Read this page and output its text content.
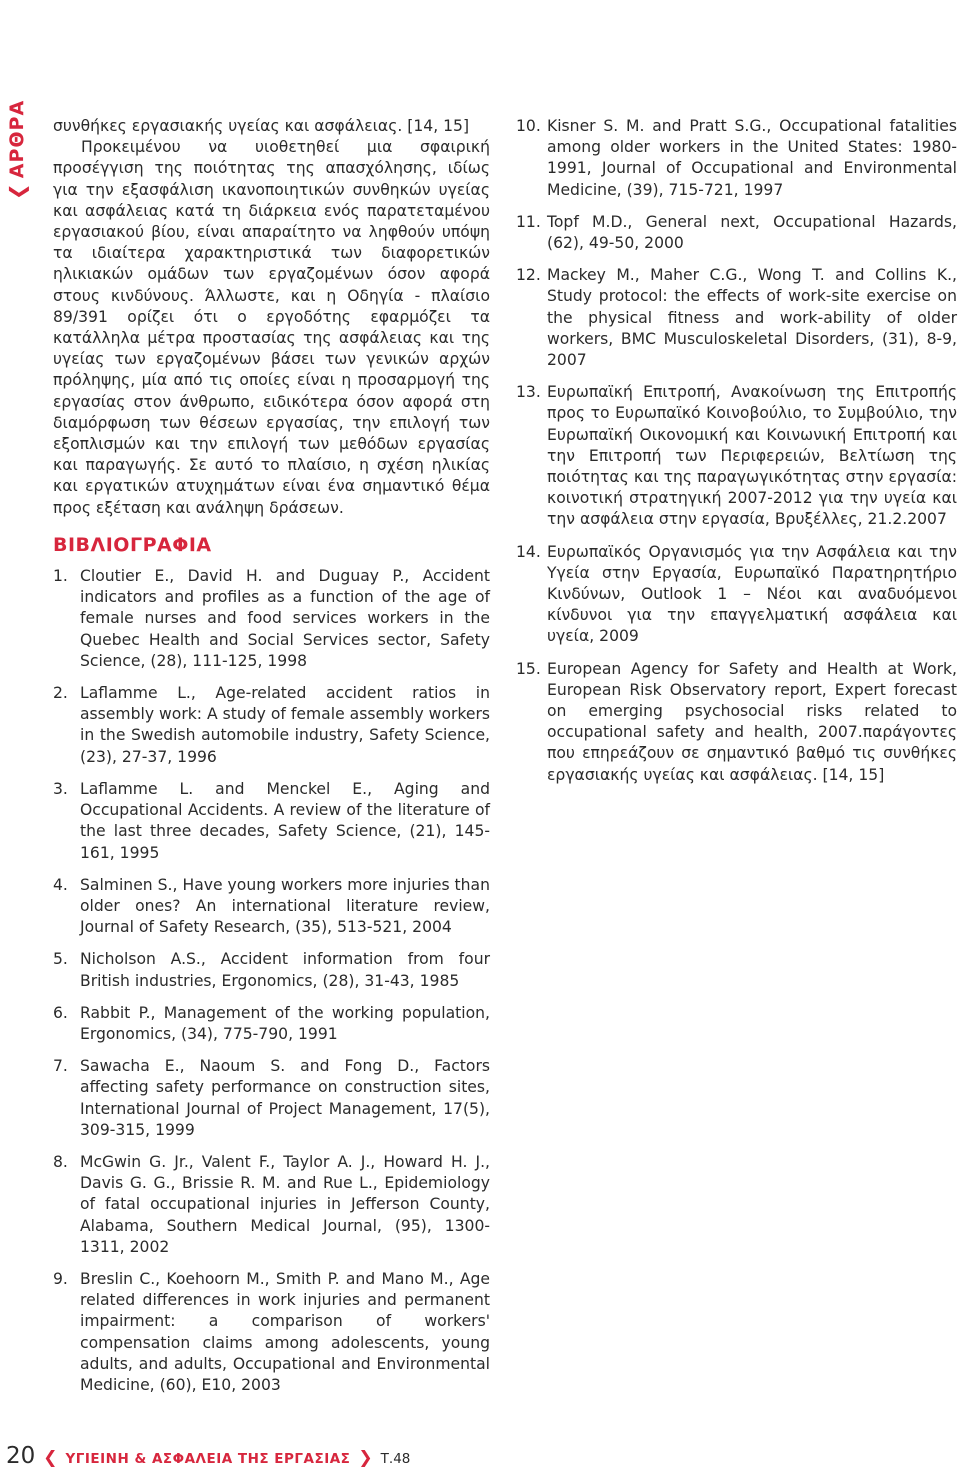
❮
ΑΡΘΡΑ συνθήκες εργασιακής υγείας και ασφάλειας. [14, 15]

Προκειμένου να υιοθετηθεί μια σφαιρική προσέγγιση της ποιότητας της απασχόλησης, ιδίως για την εξασφάλιση ικανοποιητικών συνθηκών υγείας και ασφάλειας κατά τη διάρκεια ενός παρατεταμένου εργασιακού βίου, είναι απαραίτητο να ληφθούν υπόψη τα ιδιαίτερα χαρακτηριστικά των διαφορετικών ηλικιακών ομάδων των εργαζομένων όσον αφορά στους κινδύνους. Άλλωστε, και η Οδηγία - πλαίσιο 89/391 ορίζει ότι ο εργοδότης εφαρμόζει τα κατάλληλα μέτρα προστασίας της ασφάλειας και της υγείας των εργαζομένων βάσει των γενικών αρχών πρόληψης, μία από τις οποίες είναι η προσαρμογή της εργασίας στον άνθρωπο, ειδικότερα όσον αφορά στη διαμόρφωση των θέσεων εργασίας, την επιλογή των εξοπλισμών και την επιλογή των μεθόδων εργασίας και παραγωγής. Σε αυτό το πλαίσιο, η σχέση ηλικίας και εργατικών ατυχημάτων είναι ένα σημαντικό θέμα προς εξέταση και ανάληψη δράσεων.

ΒΙΒΛΙΟΓΡΑΦΙΑ
1. Cloutier E., David H. and Duguay P., Accident indicators and profiles as a function of the age of female nurses and food services workers in the Quebec Health and Social Services sector, Safety Science, (28), 111-125, 1998
2. Laflamme L., Age-related accident ratios in assembly work: A study of female assembly workers in the Swedish automobile industry, Safety Science, (23), 27-37, 1996
3. Laflamme L. and Menckel E., Aging and Occupational Accidents. A review of the literature of the last three decades, Safety Science, (21), 145-161, 1995
4. Salminen S., Have young workers more injuries than older ones? An international literature review, Journal of Safety Research, (35), 513-521, 2004
5. Nicholson A.S., Accident information from four British industries, Ergonomics, (28), 31-43, 1985
6. Rabbit P., Management of the working population, Ergonomics, (34), 775-790, 1991
7. Sawacha E., Naoum S. and Fong D., Factors affecting safety performance on construction sites, International Journal of Project Management, 17(5), 309-315, 1999
8. McGwin G. Jr., Valent F., Taylor A. J., Howard H. J., Davis G. G., Brissie R. M. and Rue L., Epidemiology of fatal occupational injuries in Jefferson County, Alabama, Southern Medical Journal, (95), 1300-1311, 2002
9. Breslin C., Koehoorn M., Smith P. and Mano M., Age related differences in work injuries and permanent impairment: a comparison of workers' compensation claims among adolescents, young adults, and adults, Occupational and Environmental Medicine, (60), E10, 2003
10. Kisner S. M. and Pratt S.G., Occupational fatalities among older workers in the United States: 1980-1991, Journal of Occupational and Environmental Medicine, (39), 715-721, 1997
11. Topf M.D., General next, Occupational Hazards, (62), 49-50, 2000
12. Mackey M., Maher C.G., Wong T. and Collins K., Study protocol: the effects of work-site exercise on the physical fitness and work-ability of older workers, BMC Musculoskeletal Disorders, (31), 8-9, 2007
13. Ευρωπαϊκή Επιτροπή, Ανακοίνωση της Επιτροπής προς το Ευρωπαϊκό Κοινοβούλιο, το Συμβούλιο, την Ευρωπαϊκή Οικονομική και Κοινωνική Επιτροπή και την Επιτροπή των Περιφερειών, Βελτίωση της ποιότητας και της παραγωγικότητας στην εργασία: κοινοτική στρατηγική 2007-2012 για την υγεία και την ασφάλεια στην εργασία, Βρυξέλλες, 21.2.2007
14. Ευρωπαϊκός Οργανισμός για την Ασφάλεια και την Υγεία στην Εργασία, Ευρωπαϊκό Παρατηρητήριο Κινδύνων, Outlook 1 – Νέοι και αναδυόμενοι κίνδυνοι για την επαγγελματική ασφάλεια και υγεία, 2009
15. European Agency for Safety and Health at Work, European Risk Observatory report, Expert forecast on emerging psychosocial risks related to occupational safety and health, 2007.παράγοντες που επηρεάζουν σε σημαντικό βαθμό τις συνθήκες εργασιακής υγείας και ασφάλειας. [14, 15]
20 ❮ ΥΓΙΕΙΝΗ & ΑΣΦΑΛΕΙΑ ΤΗΣ ΕΡΓΑΣΙΑΣ ❯ Τ.48
